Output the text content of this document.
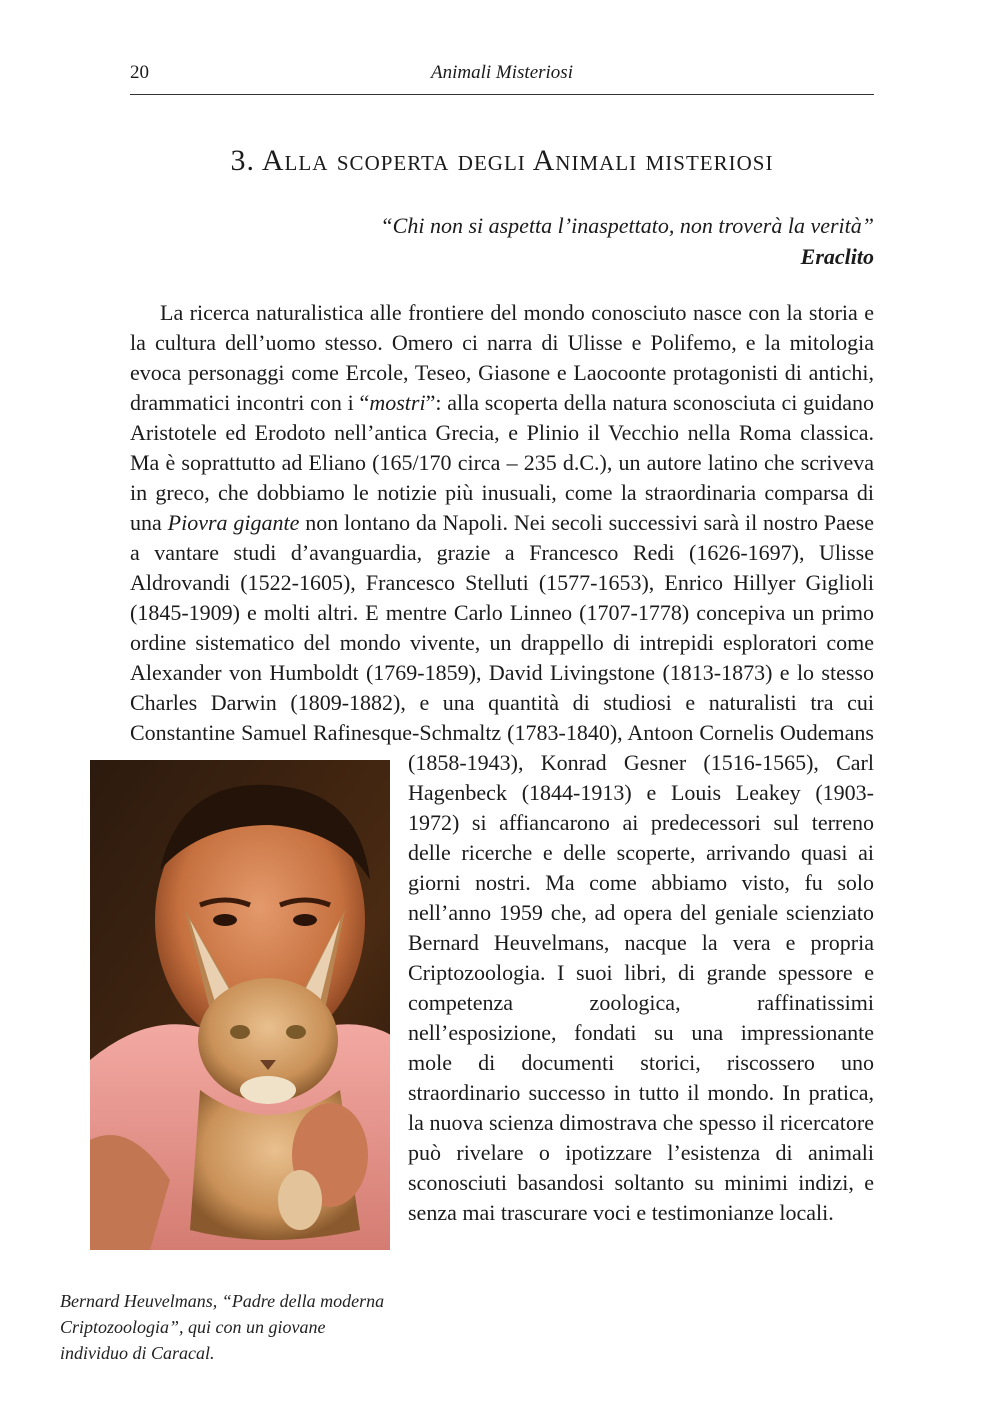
20	Animali Misteriosi
3. Alla scoperta degli Animali misteriosi
“Chi non si aspetta l’inaspettato, non troverà la verità”
Eraclito

La ricerca naturalistica alle frontiere del mondo conosciuto nasce con la storia e la cultura dell’uomo stesso. Omero ci narra di Ulisse e Polifemo, e la mitologia evoca personaggi come Ercole, Teseo, Giasone e Laocoonte protagonisti di antichi, drammatici incontri con i “mostri”: alla scoperta della natura sconosciuta ci guidano Aristotele ed Erodoto nell’antica Grecia, e Plinio il Vecchio nella Roma classica. Ma è soprattutto ad Eliano (165/170 circa – 235 d.C.), un autore latino che scriveva in greco, che dobbiamo le notizie più inusuali, come la straordinaria comparsa di una Piovra gigante non lontano da Napoli. Nei secoli successivi sarà il nostro Paese a vantare studi d’avanguardia, grazie a Francesco Redi (1626-1697), Ulisse Aldrovandi (1522-1605), Francesco Stelluti (1577-1653), Enrico Hillyer Giglioli (1845-1909) e molti altri. E mentre Carlo Linneo (1707-1778) concepiva un primo ordine sistematico del mondo vivente, un drappello di intrepidi esploratori come Alexander von Humboldt (1769-1859), David Livingstone (1813-1873) e lo stesso Charles Darwin (1809-1882), e una quantità di studiosi e naturalisti tra cui Constantine Samuel Rafinesque-Schmaltz (1783-1840),
Antoon Cornelis Oudemans (1858-1943), Konrad Gesner (1516-1565), Carl Hagenbeck (1844-1913) e Louis Leakey (1903-1972) si affiancarono ai predecessori sul terreno delle ricerche e delle scoperte, arrivando quasi ai giorni nostri. Ma come abbiamo visto, fu solo nell’anno 1959 che, ad opera del geniale scienziato Bernard Heuvelmans, nacque la vera e propria Criptozoologia. I suoi libri, di grande spessore e competenza zoologica, raffinatissimi nell’esposizione, fondati su una impressionante mole di documenti storici, riscossero uno straordinario successo in tutto il mondo. In pratica, la nuova scienza dimostrava che spesso il ricercatore può rivelare o ipotizzare l’esistenza di animali sconosciuti basandosi soltanto su minimi indizi, e senza mai trascurare voci e testimonianze locali.

Bernard Heuvelmans, “Padre della moderna Criptozoologia”, qui con un giovane individuo di Caracal.
